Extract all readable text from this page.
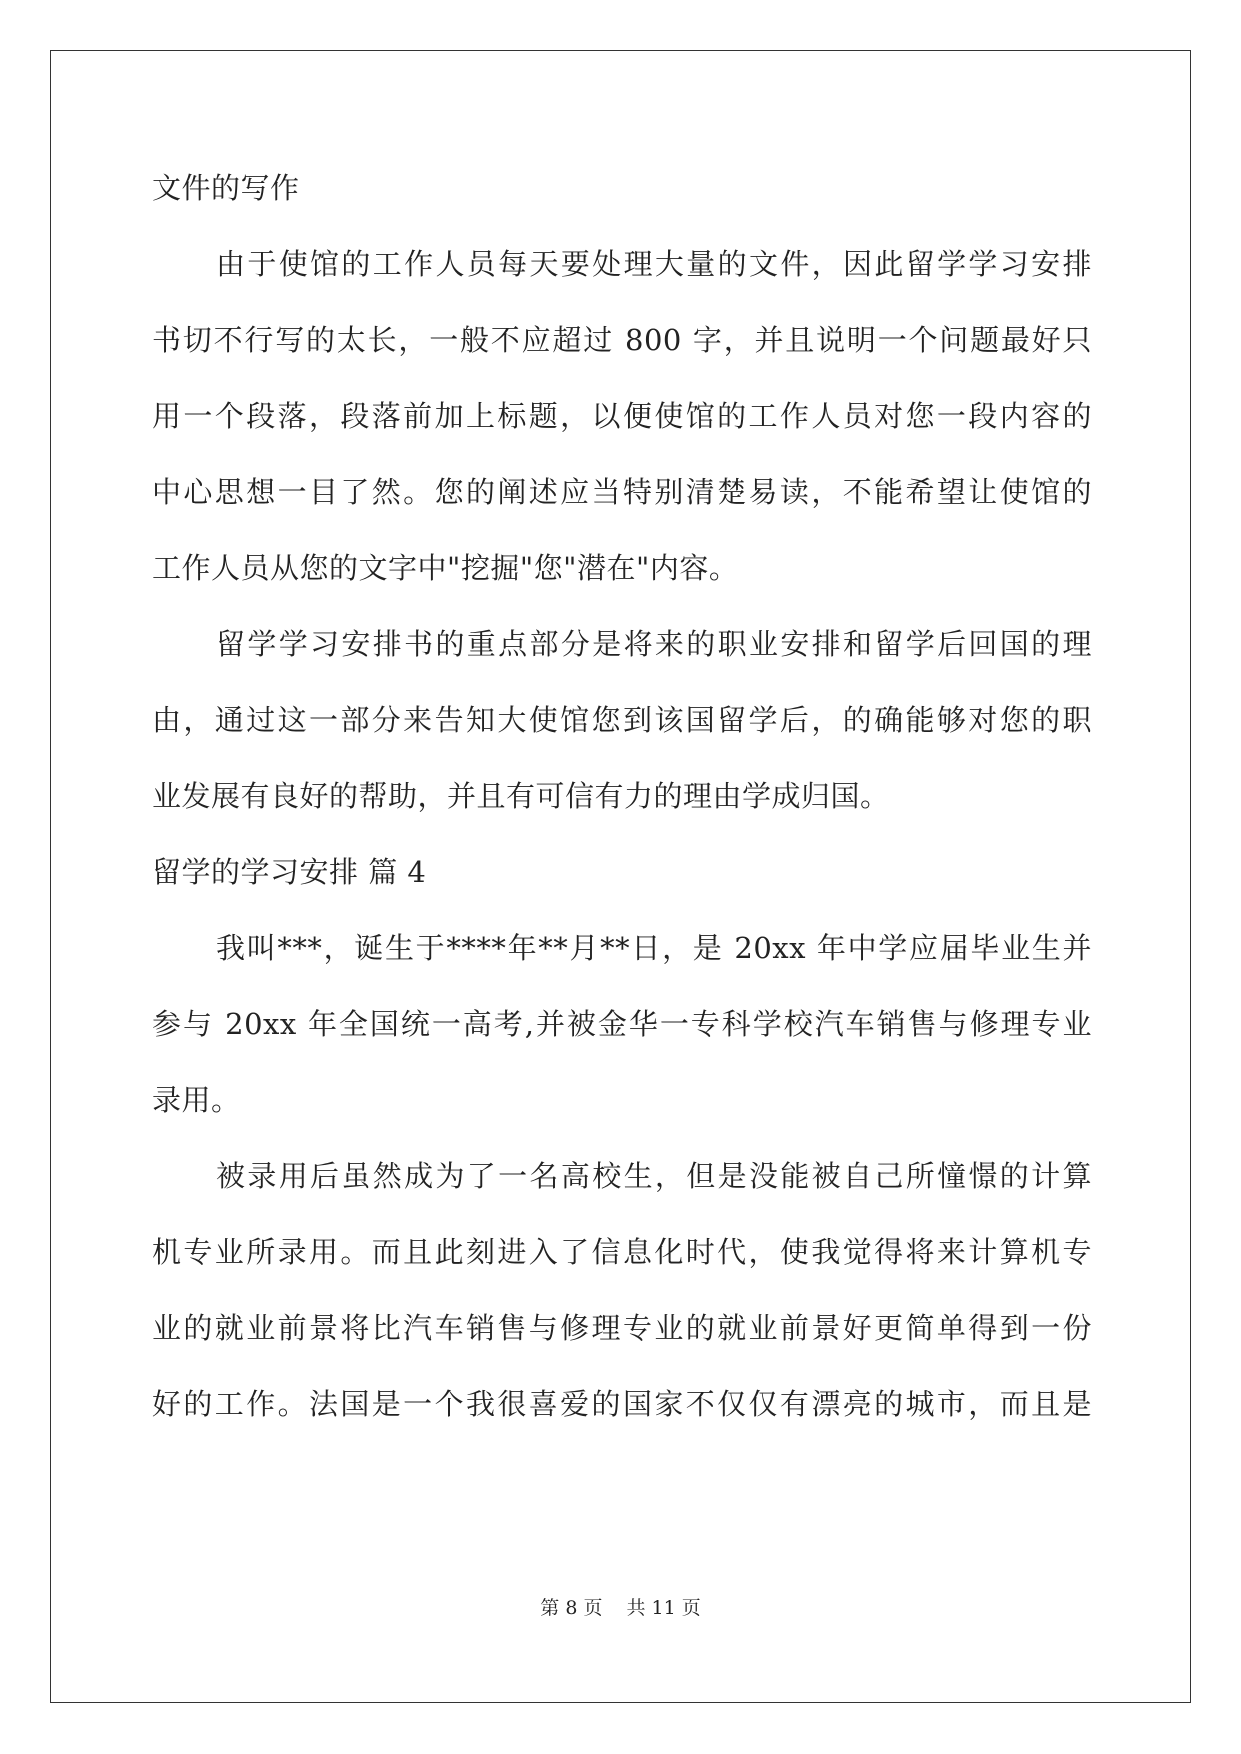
文件的写作
由于使馆的工作人员每天要处理大量的文件，因此留学学习安排
书切不行写的太长，一般不应超过 800 字，并且说明一个问题最好只
用一个段落，段落前加上标题，以便使馆的工作人员对您一段内容的
中心思想一目了然。您的阐述应当特别清楚易读，不能希望让使馆的
工作人员从您的文字中"挖掘"您"潜在"内容。
留学学习安排书的重点部分是将来的职业安排和留学后回国的理
由，通过这一部分来告知大使馆您到该国留学后，的确能够对您的职
业发展有良好的帮助，并且有可信有力的理由学成归国。
留学的学习安排 篇 4
我叫***，诞生于****年**月**日，是 20xx 年中学应届毕业生并
参与 20xx 年全国统一高考,并被金华一专科学校汽车销售与修理专业
录用。
被录用后虽然成为了一名高校生，但是没能被自己所憧憬的计算
机专业所录用。而且此刻进入了信息化时代，使我觉得将来计算机专
业的就业前景将比汽车销售与修理专业的就业前景好更简单得到一份
好的工作。法国是一个我很喜爱的国家不仅仅有漂亮的城市，而且是
第 8 页 共 11 页
